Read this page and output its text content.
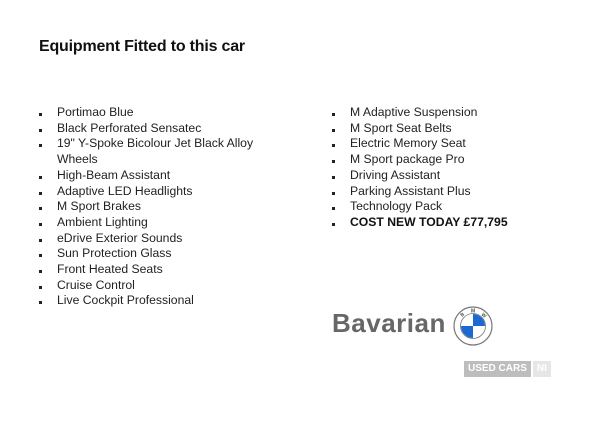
Equipment Fitted to this car
Portimao Blue
Black Perforated Sensatec
19" Y-Spoke Bicolour Jet Black Alloy Wheels
High-Beam Assistant
Adaptive LED Headlights
M Sport Brakes
Ambient Lighting
eDrive Exterior Sounds
Sun Protection Glass
Front Heated Seats
Cruise Control
Live Cockpit Professional
M Adaptive Suspension
M Sport Seat Belts
Electric Memory Seat
M Sport package Pro
Driving Assistant
Parking Assistant Plus
Technology Pack
COST NEW TODAY £77,795
Bavarian	B
M
W
USED CARS	NI
